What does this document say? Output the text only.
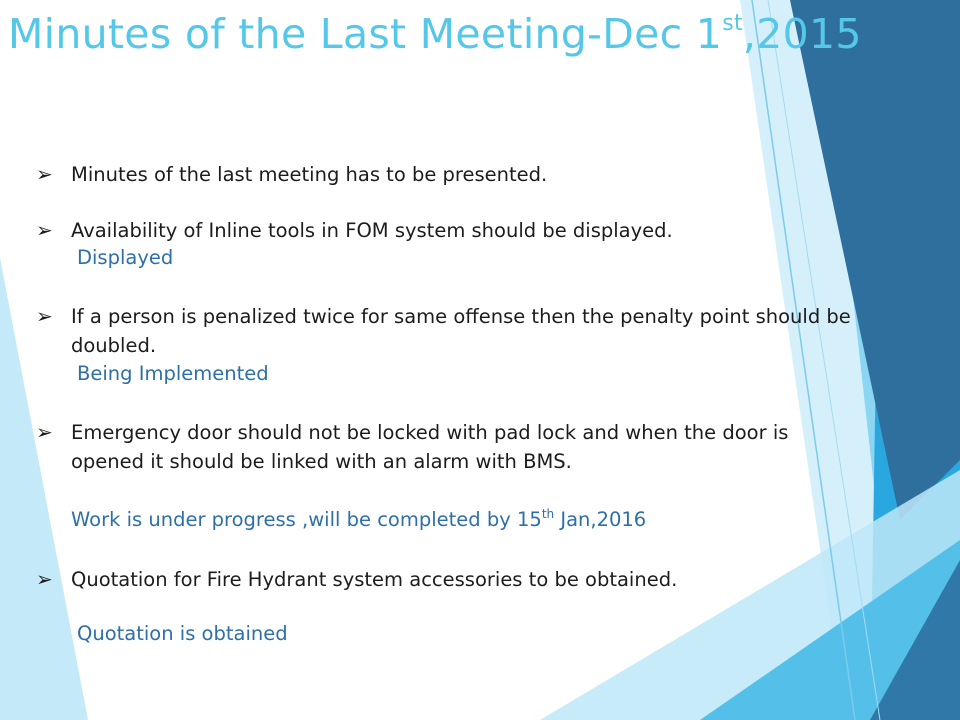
Minutes of the Last Meeting-Dec 1st,2015
➢ Minutes of the last meeting has to be presented.
➢ Availability of Inline tools in FOM system should be displayed.
Displayed
➢ If a person is penalized twice for same offense then the penalty point should be doubled.
Being Implemented
➢ Emergency door should not be locked with pad lock and when the door is opened it should be linked with an alarm with BMS.
Work is under progress ,will be completed by 15th Jan,2016
➢ Quotation for Fire Hydrant system accessories to be obtained.
Quotation is obtained
